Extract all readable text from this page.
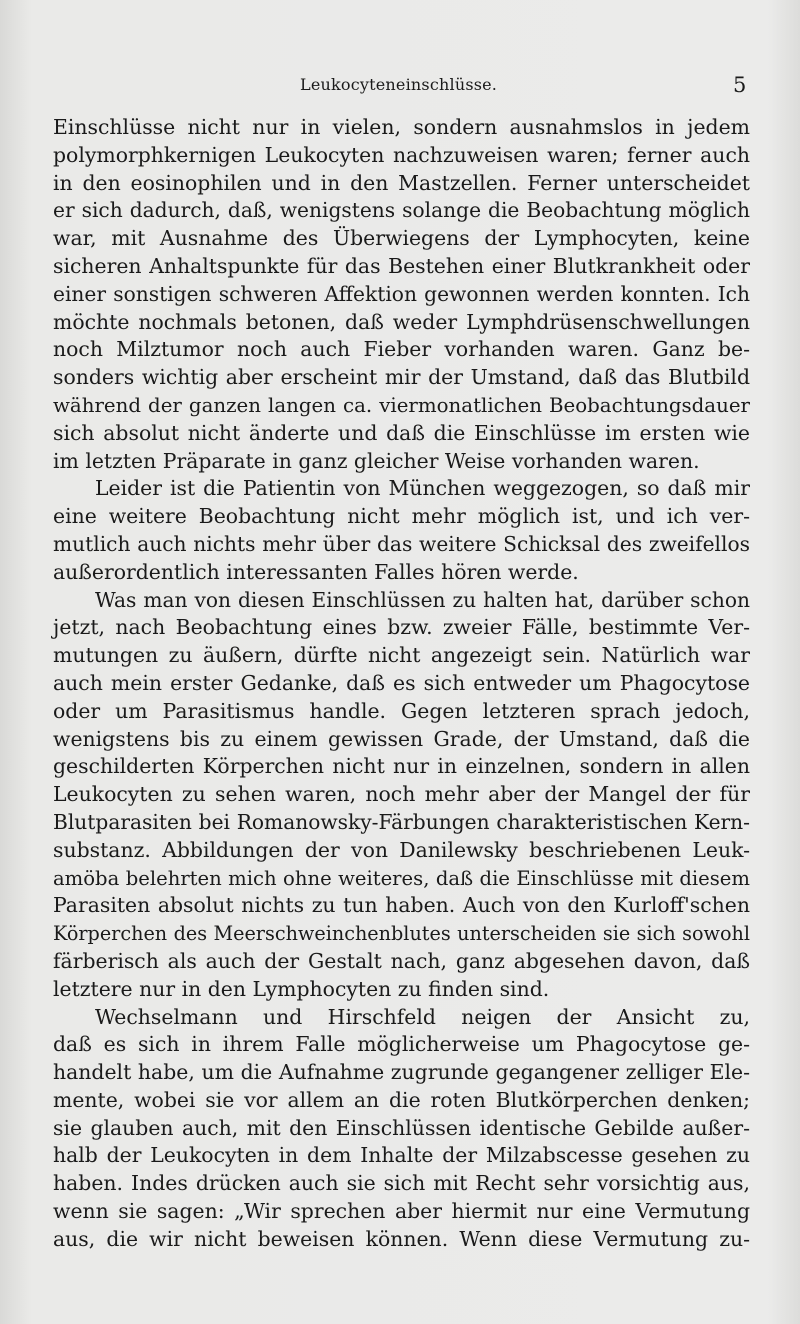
Leukocyteneinschlüsse.	5
Einschlüsse nicht nur in vielen, sondern ausnahmslos in jedem
polymorphkernigen Leukocyten nachzuweisen waren; ferner auch
in den eosinophilen und in den Mastzellen. Ferner unterscheidet
er sich dadurch, daß, wenigstens solange die Beobachtung möglich
war, mit Ausnahme des Überwiegens der Lymphocyten, keine
sicheren Anhaltspunkte für das Bestehen einer Blutkrankheit oder
einer sonstigen schweren Affektion gewonnen werden konnten. Ich
möchte nochmals betonen, daß weder Lymphdrüsenschwellungen
noch Milztumor noch auch Fieber vorhanden waren. Ganz be-
sonders wichtig aber erscheint mir der Umstand, daß das Blutbild
während der ganzen langen ca. viermonatlichen Beobachtungsdauer
sich absolut nicht änderte und daß die Einschlüsse im ersten wie
im letzten Präparate in ganz gleicher Weise vorhanden waren.
Leider ist die Patientin von München weggezogen, so daß mir
eine weitere Beobachtung nicht mehr möglich ist, und ich ver-
mutlich auch nichts mehr über das weitere Schicksal des zweifellos
außerordentlich interessanten Falles hören werde.
Was man von diesen Einschlüssen zu halten hat, darüber schon
jetzt, nach Beobachtung eines bzw. zweier Fälle, bestimmte Ver-
mutungen zu äußern, dürfte nicht angezeigt sein. Natürlich war
auch mein erster Gedanke, daß es sich entweder um Phagocytose
oder um Parasitismus handle. Gegen letzteren sprach jedoch,
wenigstens bis zu einem gewissen Grade, der Umstand, daß die
geschilderten Körperchen nicht nur in einzelnen, sondern in allen
Leukocyten zu sehen waren, noch mehr aber der Mangel der für
Blutparasiten bei Romanowsky-Färbungen charakteristischen Kern-
substanz. Abbildungen der von Danilewsky beschriebenen Leuk-
amöba belehrten mich ohne weiteres, daß die Einschlüsse mit diesem
Parasiten absolut nichts zu tun haben. Auch von den Kurloff'schen
Körperchen des Meerschweinchenblutes unterscheiden sie sich sowohl
färberisch als auch der Gestalt nach, ganz abgesehen davon, daß
letztere nur in den Lymphocyten zu finden sind.
Wechselmann und Hirschfeld neigen der Ansicht zu,
daß es sich in ihrem Falle möglicherweise um Phagocytose ge-
handelt habe, um die Aufnahme zugrunde gegangener zelliger Ele-
mente, wobei sie vor allem an die roten Blutkörperchen denken;
sie glauben auch, mit den Einschlüssen identische Gebilde außer-
halb der Leukocyten in dem Inhalte der Milzabscesse gesehen zu
haben. Indes drücken auch sie sich mit Recht sehr vorsichtig aus,
wenn sie sagen: „Wir sprechen aber hiermit nur eine Vermutung
aus, die wir nicht beweisen können. Wenn diese Vermutung zu-
